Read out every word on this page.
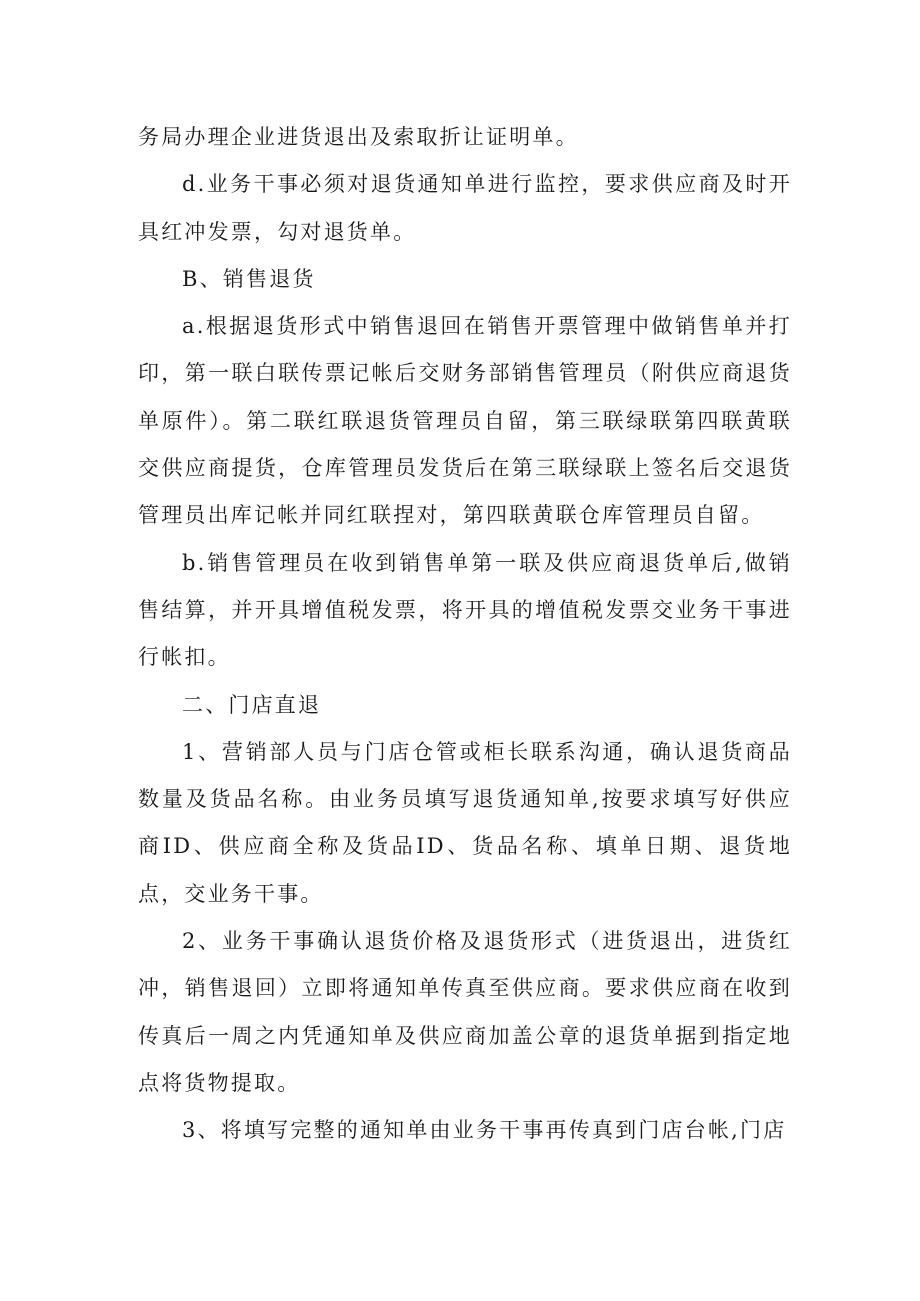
务局办理企业进货退出及索取折让证明单。

d.业务干事必须对退货通知单进行监控，要求供应商及时开具红冲发票，勾对退货单。

B、销售退货

a.根据退货形式中销售退回在销售开票管理中做销售单并打印，第一联白联传票记帐后交财务部销售管理员（附供应商退货单原件）。第二联红联退货管理员自留，第三联绿联第四联黄联交供应商提货，仓库管理员发货后在第三联绿联上签名后交退货管理员出库记帐并同红联捏对，第四联黄联仓库管理员自留。

b.销售管理员在收到销售单第一联及供应商退货单后,做销售结算，并开具增值税发票，将开具的增值税发票交业务干事进行帐扣。

二、门店直退

1、营销部人员与门店仓管或柜长联系沟通，确认退货商品数量及货品名称。由业务员填写退货通知单,按要求填写好供应商ID、供应商全称及货品ID、货品名称、填单日期、退货地点，交业务干事。

2、业务干事确认退货价格及退货形式（进货退出，进货红冲，销售退回）立即将通知单传真至供应商。要求供应商在收到传真后一周之内凭通知单及供应商加盖公章的退货单据到指定地点将货物提取。

3、将填写完整的通知单由业务干事再传真到门店台帐,门店
